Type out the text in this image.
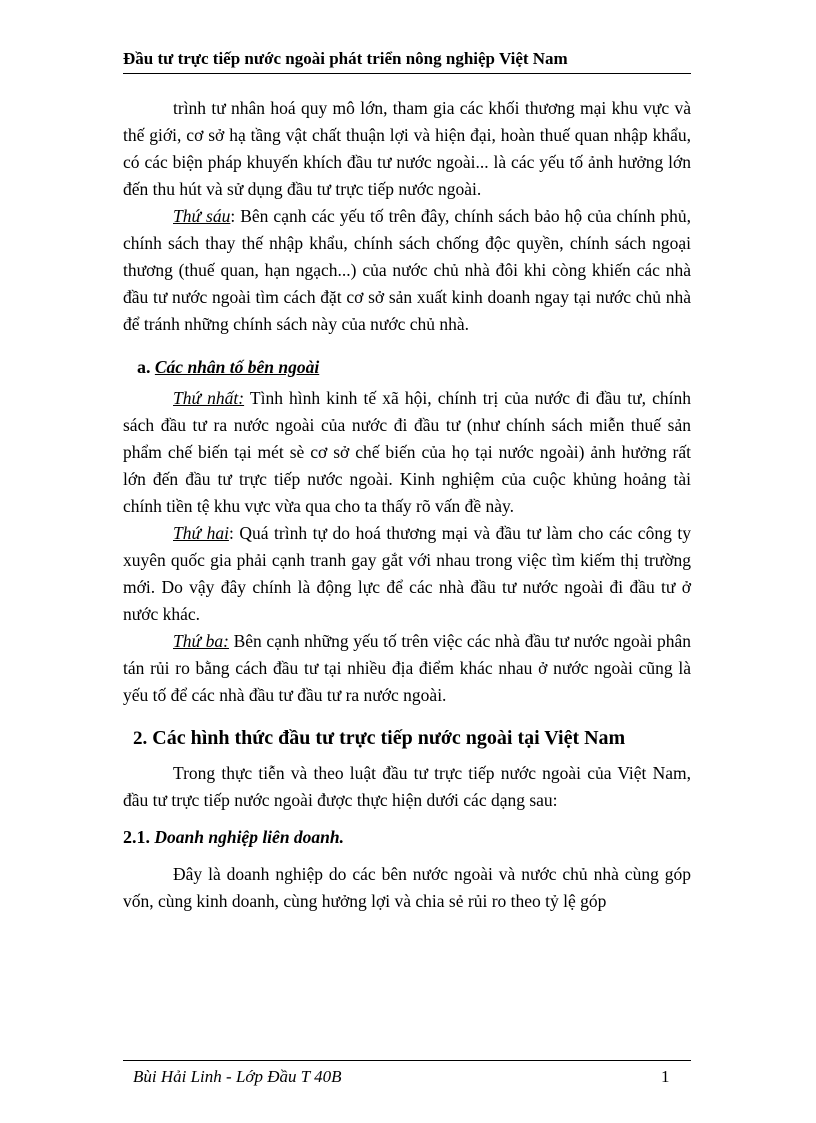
Đầu tư trực tiếp nước ngoài phát triển nông nghiệp Việt Nam

trình tư nhân hoá quy mô lớn, tham gia các khối thương mại khu vực và thế giới, cơ sở hạ tầng vật chất thuận lợi và hiện đại, hoàn thuế quan nhập khẩu, có các biện pháp khuyến khích đầu tư nước ngoài... là các yếu tố ảnh hưởng lớn đến thu hút và sử dụng đầu tư trực tiếp nước ngoài.

Thứ sáu: Bên cạnh các yếu tố trên đây, chính sách bảo hộ của chính phủ, chính sách thay thế nhập khẩu, chính sách chống độc quyền, chính sách ngoại thương (thuế quan, hạn ngạch...) của nước chủ nhà đôi khi còng khiến các nhà đầu tư nước ngoài tìm cách đặt cơ sở sản xuất kinh doanh ngay tại nước chủ nhà để tránh những chính sách này của nước chủ nhà.

a. Các nhân tố bên ngoài

Thứ nhất: Tình hình kinh tế xã hội, chính trị của nước đi đầu tư, chính sách đầu tư ra nước ngoài của nước đi đầu tư (như chính sách miễn thuế sản phẩm chế biến tại mét sè cơ sở chế biến của họ tại nước ngoài) ảnh hưởng rất lớn đến đầu tư trực tiếp nước ngoài. Kinh nghiệm của cuộc khủng hoảng tài chính tiền tệ khu vực vừa qua cho ta thấy rõ vấn đề này.

Thứ hai: Quá trình tự do hoá thương mại và đầu tư làm cho các công ty xuyên quốc gia phải cạnh tranh gay gắt với nhau trong việc tìm kiếm thị trường mới. Do vậy đây chính là động lực để các nhà đầu tư nước ngoài đi đầu tư ở nước khác.

Thứ ba: Bên cạnh những yếu tố trên việc các nhà đầu tư nước ngoài phân tán rủi ro bằng cách đầu tư tại nhiều địa điểm khác nhau ở nước ngoài cũng là yếu tố để các nhà đầu tư đầu tư ra nước ngoài.

2. Các hình thức đầu tư trực tiếp nước ngoài tại Việt Nam

Trong thực tiễn và theo luật đầu tư trực tiếp nước ngoài của Việt Nam, đầu tư trực tiếp nước ngoài được thực hiện dưới các dạng sau:

2.1. Doanh nghiệp liên doanh.

Đây là doanh nghiệp do các bên nước ngoài và nước chủ nhà cùng góp vốn, cùng kinh doanh, cùng hưởng lợi và chia sẻ rủi ro theo tỷ lệ góp

Bùi Hải Linh - Lớp Đầu T 40B	1
